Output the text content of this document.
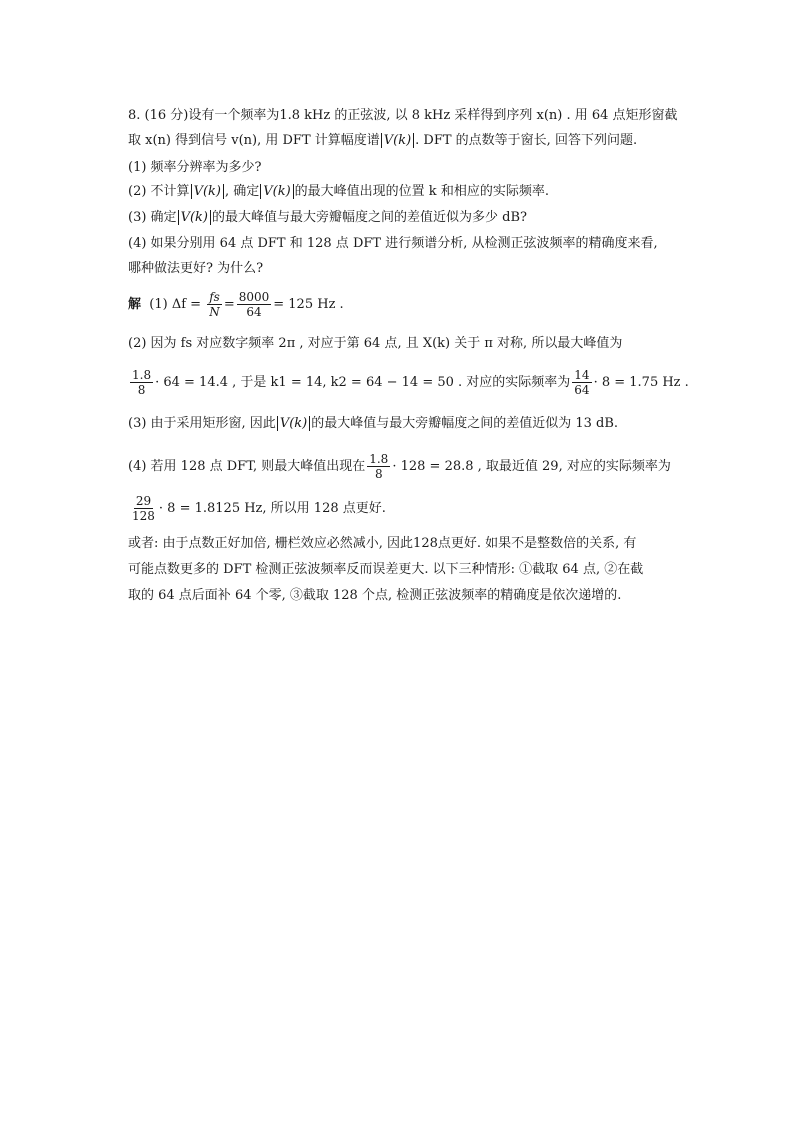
8. (16 分)设有一个频率为1.8 kHz 的正弦波, 以 8 kHz 采样得到序列 x(n) . 用 64 点矩形窗截
取 x(n) 得到信号 v(n), 用 DFT 计算幅度谱 V(k) . DFT 的点数等于窗长, 回答下列问题.
(1) 频率分辨率为多少?
(2) 不计算 V(k) , 确定 V(k) 的最大峰值出现的位置 k 和相应的实际频率.
(3) 确定 V(k) 的最大峰值与最大旁瓣幅度之间的差值近似为多少 dB?
(4) 如果分别用 64 点 DFT 和 128 点 DFT 进行频谱分析, 从检测正弦波频率的精确度来看,
哪种做法更好? 为什么?
解 (1) $\Delta f = \frac{fs}{N} = \frac{8000}{64} = 125$ Hz .
(2) 因为 fs 对应数字频率 2π , 对应于第 64 点, 且 X(k) 关于 π 对称, 所以最大峰值为
$\frac{1.8}{8} \cdot 64 = 14.4$ , 于是 k1 = 14, k2 = 64 − 14 = 50 . 对应的实际频率为 $\frac{14}{64} \cdot 8 = 1.75$ Hz .
(3) 由于采用矩形窗, 因此 V(k) 的最大峰值与最大旁瓣幅度之间的差值近似为 13 dB.
(4) 若用 128 点 DFT, 则最大峰值出现在 $\frac{1.8}{8} \cdot 128 = 28.8$ , 取最近值 29, 对应的实际频率为
$\frac{29}{128} \cdot 8 = 1.8125$ Hz, 所以用 128 点更好.
或者: 由于点数正好加倍, 栅栏效应必然减小, 因此128点更好. 如果不是整数倍的关系, 有
可能点数更多的 DFT 检测正弦波频率反而误差更大. 以下三种情形: ①截取 64 点, ②在截
取的 64 点后面补 64 个零, ③截取 128 个点, 检测正弦波频率的精确度是依次递增的.
